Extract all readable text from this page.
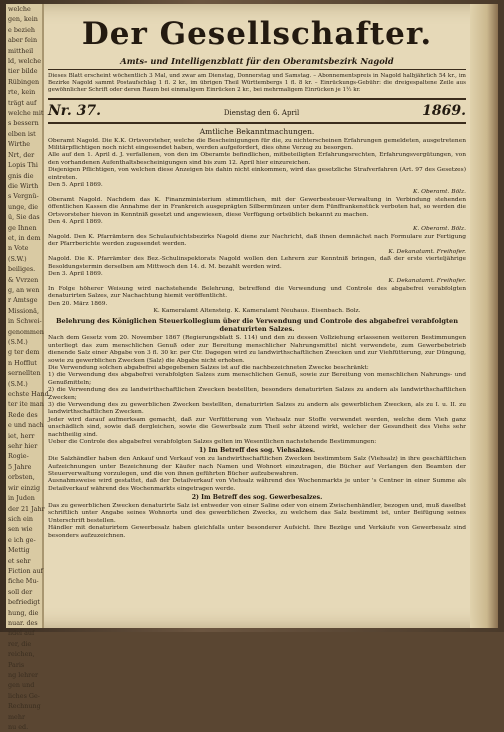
welche
gen, kein
e bezieh
aber fein
mittheil
ld, welche
tier bilde
Rübingen
rte, kein
trägt auf
welche mit
s bessern
elben ist
Wirthe
Nrt, der
Lopis Thi
gnis die
die Wirth
s Vergnü-
unge, die
ü, Sie das
ge Ihnen
et, in dem
n Vote
(S.W.)
beiliges.
& Vvrzen
g, an wen
r Amtsge
Missionä,
in Schwei-
genommen
(S.M.)
g ter dem
n Hofflut
sernellten
(S.M.)
echste Hand
ter ite man
Rede des
e und nach
iet, herr
sehr hier
Rogie-
5 Jahre
orbsten,
wir einzig
in Juden
der 21 Jahr
sich ein
sen wie
e ich ge-
Mettig
et sehr
Fiction auf
fiche Mu-
soll der
befriedigt
hung, die
nuar. des
ndel auf
rer, die
reichen,
Paris
ng lehrer
gen und
liches Ge-
Rechnung
mehr
nu ed.
Der Gesellschafter.
Amts- und Intelligenzblatt für den Oberamtsbezirk Nagold
Dieses Blatt erscheint wöchentlich 3 Mal, und zwar am Dienstag, Donnerstag und Samstag. – Abonnementspreis in Nagold halbjährlich 54 kr., im Bezirke Nagold sammt Postaufschlag 1 fl. 2 kr., im übrigen Theil Württembergs 1 fl. 8 kr. – Einrückungs-Gebühr: die dreigespaltene Zeile aus gewöhnlicher Schrift oder deren Raum bei einmaligem Einrücken 2 kr., bei mehrmaligem Einrücken je 1½ kr.
Nr. 37.	Dienstag den 6. April	1869.
Amtliche Bekanntmachungen.

Oberamt Nagold. Die K.K. Ortsvorsteher, welche die Bescheinigungen für die, zu nichterscheinen Erfahrungen gemeldeten, ausgetretenen Militärpflichtigen noch nicht eingesendet haben, werden aufgefordert, dies ohne Verzug zu besorgen.

Alle auf den 1. April d. J. verfallenen, von den im Oberamte befindlichen, mitbeteiligten Erfahrungsrechten, Erfahrungsvergütungen, von den vorhandenen Aufenthaltsbescheinigungen sind bis zum 12. April hier einzureichen.

Diejenigen Pflichtigen, von welchen diese Anzeigen bis dahin nicht einkommen, wird das gesetzliche Strafverfahren (Art. 97 des Gesetzes) eintreten.

Den 5. April 1869.

K. Oberamt. Bölz.

Oberamt Nagold. Nachdem das K. Finanzministerium stimmtlichen, mit der Gewerbesteuer-Verwaltung in Verbindung stehenden öffentlichen Kassen die Annahme der in Frankreich ausgeprägten Silbermünzen unter dem Fünffrankenstück verboten hat, so werden die Ortsvorsteher hievon in Kenntniß gesetzt und angewiesen, diese Verfügung ortsüblich bekannt zu machen.

Den 4. April 1869.

K. Oberamt. Bölz.

Nagold. Den K. Pfarrämtern des Schulaufsichtsbezirks Nagold diene zur Nachricht, daß ihnen demnächst nach Formulare zur Fertigung der Pfarrberichte werden zugesendet werden.

K. Dekanatamt. Freihofer.

Nagold. Die K. Pfarrämter des Bez.-Schulinspektorats Nagold wollen den Lehrern zur Kenntniß bringen, daß der erste vierteljährige Besoldungstermin derselben am Mittwoch den 14. d. M. bezahlt werden wird.

Den 3. April 1869.

K. Dekanatamt. Freihofer.

In Folge höherer Weisung wird nachstehende Belehrung, betreffend die Verwendung und Controle des abgabefrei verabfolgten denaturirten Salzes, zur Nachachtung hiemit veröffentlicht.

Den 20. März 1869.

K. Kameralamt Altensteig. K. Kameralamt Neuhaus. Eisenbach. Bolz.

Belehrung des Königlichen Steuerkollegium über die Verwendung und Controle des abgabefrei verabfolgten denaturirten Salzes.

Nach dem Gesetz vom 20. November 1867 (Regierungsblatt S. 114) und den zu dessen Vollziehung erlassenen weiteren Bestimmungen unterliegt das zum menschlichen Genuß oder zur Bereitung menschlicher Nahrungsmittel nicht verwendete, zum Gewerbebetrieb dienende Salz einer Abgabe von 3 fl. 30 kr. per Ctr. Dagegen wird zu landwirthschaftlichen Zwecken und zur Viehfütterung, zur Düngung, sowie zu gewerblichen Zwecken (Salz) die Abgabe nicht erhoben.

Die Verwendung solchen abgabefrei abgegebenen Salzes ist auf die nachbezeichneten Zwecke beschränkt:

1) die Verwendung des abgabefrei verabfolgten Salzes zum menschlichen Genuß, sowie zur Bereitung von menschlichen Nahrungs- und Genußmitteln;

2) die Verwendung des zu landwirthschaftlichen Zwecken bestellten, besonders denaturirten Salzes zu andern als landwirthschaftlichen Zwecken;

3) die Verwendung des zu gewerblichen Zwecken bestellten, denaturirten Salzes zu andern als gewerblichen Zwecken, als zu I. u. II. zu landwirthschaftlichen Zwecken.

Jeder wird darauf aufmerksam gemacht, daß zur Verfütterung von Viehsalz nur Stoffe verwendet werden, welche dem Vieh ganz unschädlich sind, sowie daß dergleichen, sowie die Gewerbsalz zum Theil sehr ätzend wirkt, welcher der Gesundheit des Viehs sehr nachtheilig sind.

Ueber die Controle des abgabefrei verabfolgten Salzes gelten im Wesentlichen nachstehende Bestimmungen:

1) Im Betreff des sog. Viehsalzes.

Die Salzhändler haben den Ankauf und Verkauf von zu landwirthschaftlichen Zwecken bestimmtem Salz (Viehsalz) in ihre geschäftlichen Aufzeichnungen unter Bezeichnung der Käufer nach Namen und Wohnort einzutragen, die Bücher auf Verlangen den Beamten der Steuerverwaltung vorzulegen, und die von ihnen geführten Bücher aufzubewahren.

Ausnahmsweise wird gestattet, daß der Detailverkauf von Viehsalz während des Wochenmarkts je unter 's Centner in einer Summe als Detailverkauf während des Wochenmarkts eingetragen werde.

2) Im Betreff des sog. Gewerbesalzes.

Das zu gewerblichen Zwecken denaturirte Salz ist entweder von einer Saline oder von einem Zwischenhändler, bezogen und, muß daselbst schriftlich unter Angabe seines Wohnorts und des gewerblichen Zwecks, zu welchem das Salz bestimmt ist, unter Beifügung seines Unterschrift bestellen.

Händler mit denaturirtem Gewerbesalz haben gleichfalls unter besonderer Aufsicht. Ihre Bezüge und Verkäufe von Gewerbesalz sind besonders aufzuzeichnen.
